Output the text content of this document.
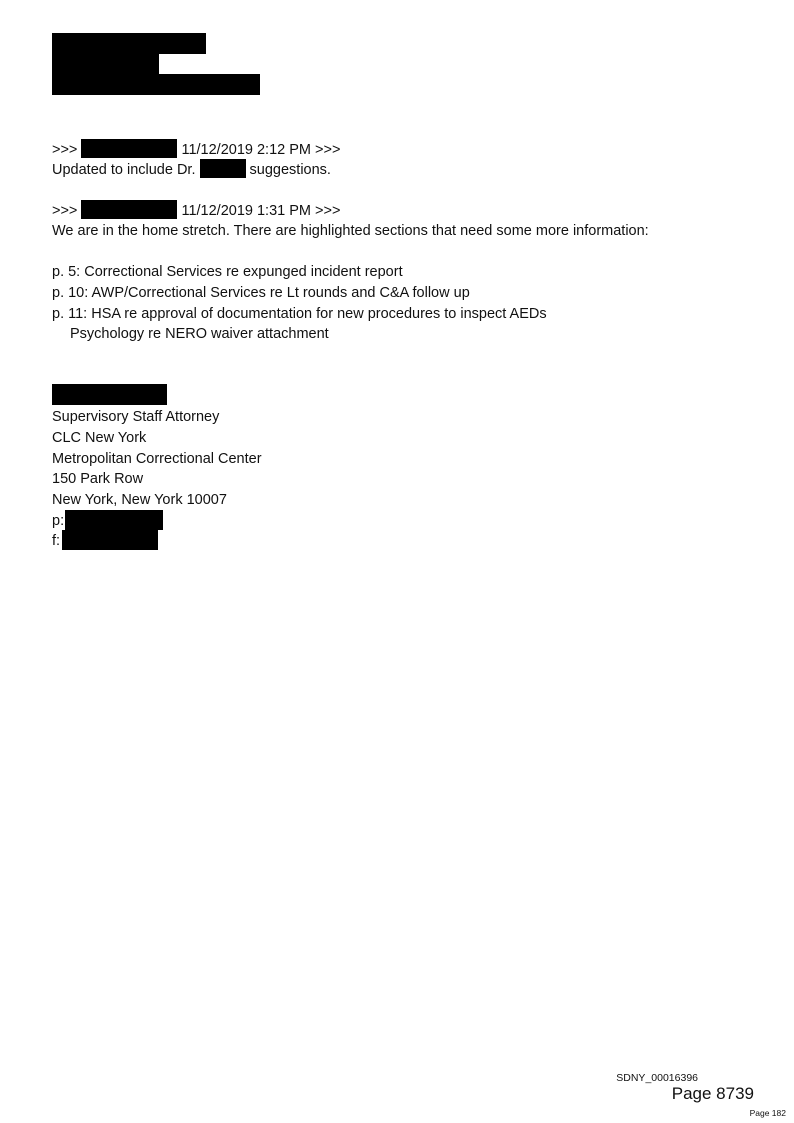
>>>	11/12/2019 2:12 PM >>>
Updated to include Dr.	suggestions.
>>>	11/12/2019 1:31 PM >>>
We are in the home stretch. There are highlighted sections that need some more information:
p. 5: Correctional Services re expunged incident report
p. 10: AWP/Correctional Services re Lt rounds and C&A follow up
p. 11: HSA re approval of documentation for new procedures to inspect AEDs
Psychology re NERO waiver attachment
Supervisory Staff Attorney
CLC New York
Metropolitan Correctional Center
150 Park Row
New York, New York 10007
p:
f:
SDNY_00016396
Page 8739
Page 182
